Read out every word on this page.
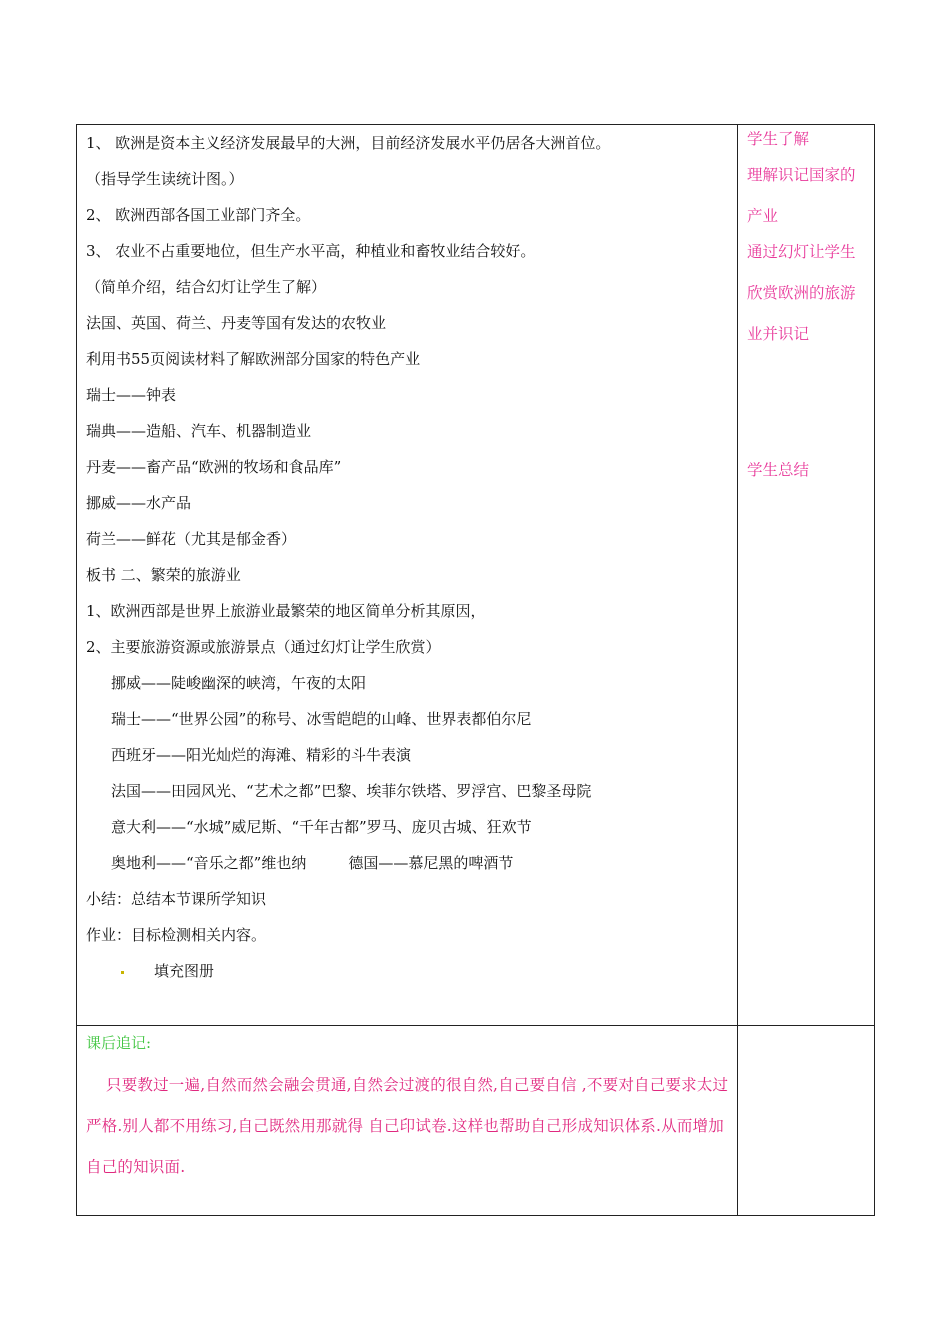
1、 欧洲是资本主义经济发展最早的大洲，目前经济发展水平仍居各大洲首位。
（指导学生读统计图。）
2、 欧洲西部各国工业部门齐全。
3、 农业不占重要地位，但生产水平高，种植业和畜牧业结合较好。
（简单介绍，结合幻灯让学生了解）
法国、英国、荷兰、丹麦等国有发达的农牧业
利用书55页阅读材料了解欧洲部分国家的特色产业
瑞士——钟表
瑞典——造船、汽车、机器制造业
丹麦——畜产品“欧洲的牧场和食品库”
挪威——水产品
荷兰——鲜花（尤其是郁金香）
板书 二、繁荣的旅游业
1、欧洲西部是世界上旅游业最繁荣的地区简单分析其原因，
2、主要旅游资源或旅游景点（通过幻灯让学生欣赏）
挪威——陡峻幽深的峡湾，午夜的太阳
瑞士——“世界公园”的称号、冰雪皑皑的山峰、世界表都伯尔尼
西班牙——阳光灿烂的海滩、精彩的斗牛表演
法国——田园风光、“艺术之都”巴黎、埃菲尔铁塔、罗浮宫、巴黎圣母院
意大利——“水城”威尼斯、“千年古都”罗马、庞贝古城、狂欢节
奥地利——“音乐之都”维也纳	德国——慕尼黑的啤酒节
小结：总结本节课所学知识
作业：目标检测相关内容。
填充图册
学生了解
理解识记国家的
产业
通过幻灯让学生
欣赏欧洲的旅游
业并识记
学生总结
课后追记:
只要教过一遍,自然而然会融会贯通,自然会过渡的很自然,自己要自信 ,不要对自己要求太过严格.别人都不用练习,自己既然用那就得 自己印试卷.这样也帮助自己形成知识体系.从而增加自己的知识面.
